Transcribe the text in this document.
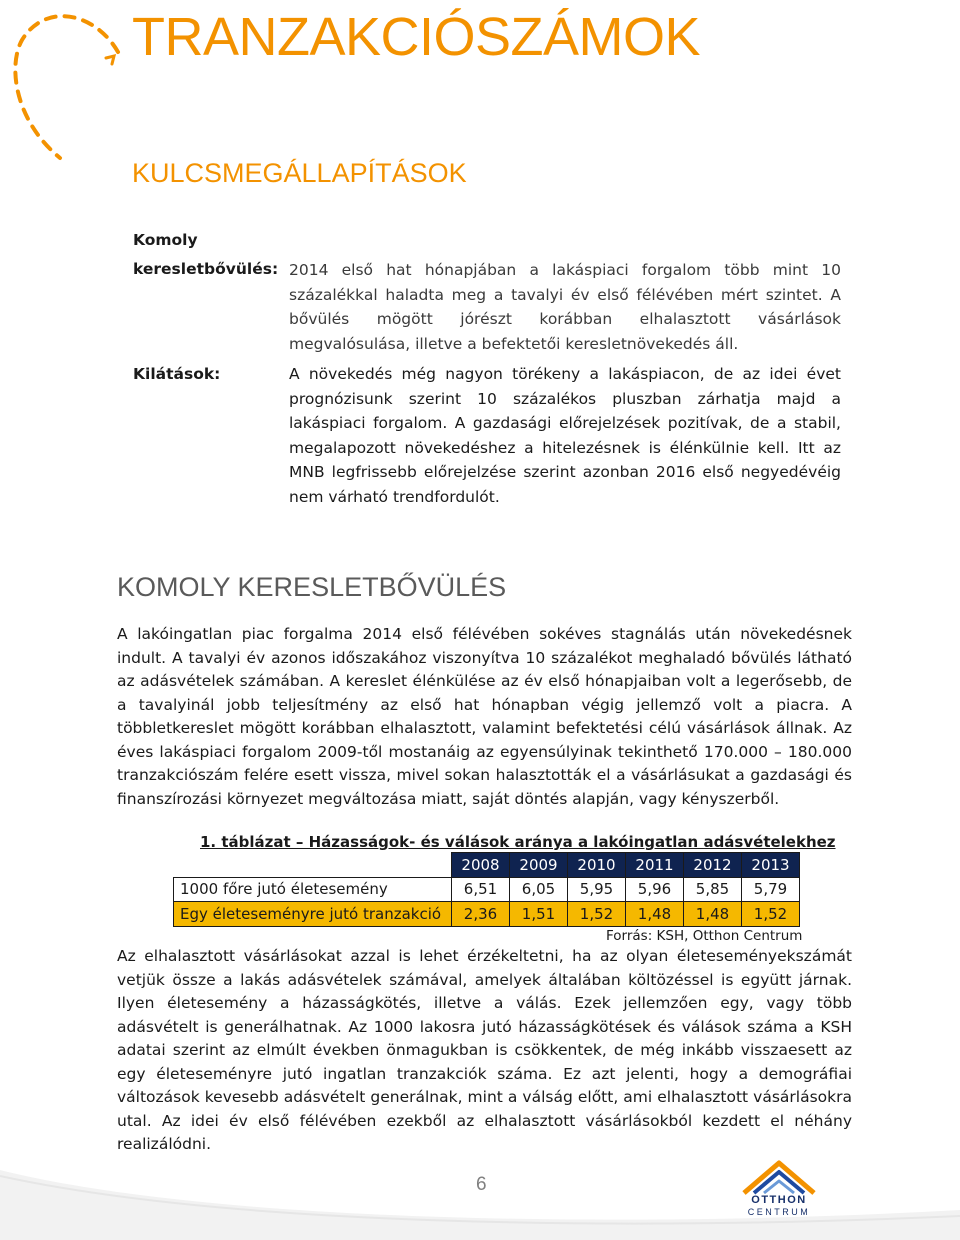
TRANZAKCIÓSZÁMOK
KULCSMEGÁLLAPÍTÁSOK
Komoly
keresletbővülés: 2014 első hat hónapjában a lakáspiaci forgalom több mint 10 százalékkal haladta meg a tavalyi év első félévében mért szintet. A bővülés mögött jórészt korábban elhalasztott vásárlások megvalósulása, illetve a befektetői keresletnövekedés áll.
Kilátások:	A növekedés még nagyon törékeny a lakáspiacon, de az idei évet prognózisunk szerint 10 százalékos pluszban zárhatja majd a lakáspiaci forgalom. A gazdasági előrejelzések pozitívak, de a stabil, megalapozott növekedéshez a hitelezésnek is élénkülnie kell. Itt az MNB legfrissebb előrejelzése szerint azonban 2016 első negyedévéig nem várható trendfordulót.
KOMOLY KERESLETBŐVÜLÉS
A lakóingatlan piac forgalma 2014 első félévében sokéves stagnálás után növekedésnek indult. A tavalyi év azonos időszakához viszonyítva 10 százalékot meghaladó bővülés látható az adásvételek számában. A kereslet élénkülése az év első hónapjaiban volt a legerősebb, de a tavalyinál jobb teljesítmény az első hat hónapban végig jellemző volt a piacra. A többletkereslet mögött korábban elhalasztott, valamint befektetési célú vásárlások állnak. Az éves lakáspiaci forgalom 2009-től mostanáig az egyensúlyinak tekinthető 170.000 – 180.000 tranzakciószám felére esett vissza, mivel sokan halasztották el a vásárlásukat a gazdasági és finanszírozási környezet megváltozása miatt, saját döntés alapján, vagy kényszerből.
1. táblázat – Házasságok- és válások aránya a lakóingatlan adásvételekhez
	2008	2009	2010	2011	2012	2013
1000 főre jutó életesemény	6,51	6,05	5,95	5,96	5,85	5,79
Egy életeseményre jutó tranzakció	2,36	1,51	1,52	1,48	1,48	1,52
Forrás: KSH, Otthon Centrum
Az elhalasztott vásárlásokat azzal is lehet érzékeltetni, ha az olyan életeseményekszámát vetjük össze a lakás adásvételek számával, amelyek általában költözéssel is együtt járnak. Ilyen életesemény a házasságkötés, illetve a válás. Ezek jellemzően egy, vagy több adásvételt is generálhatnak. Az 1000 lakosra jutó házasságkötések és válások száma a KSH adatai szerint az elmúlt években önmagukban is csökkentek, de még inkább visszaesett az egy életeseményre jutó ingatlan tranzakciók száma. Ez azt jelenti, hogy a demográfiai változások kevesebb adásvételt generálnak, mint a válság előtt, ami elhalasztott vásárlásokra utal. Az idei év első félévében ezekből az elhalasztott vásárlásokból kezdett el néhány realizálódni.
6
OTTHON
CENTRUM
